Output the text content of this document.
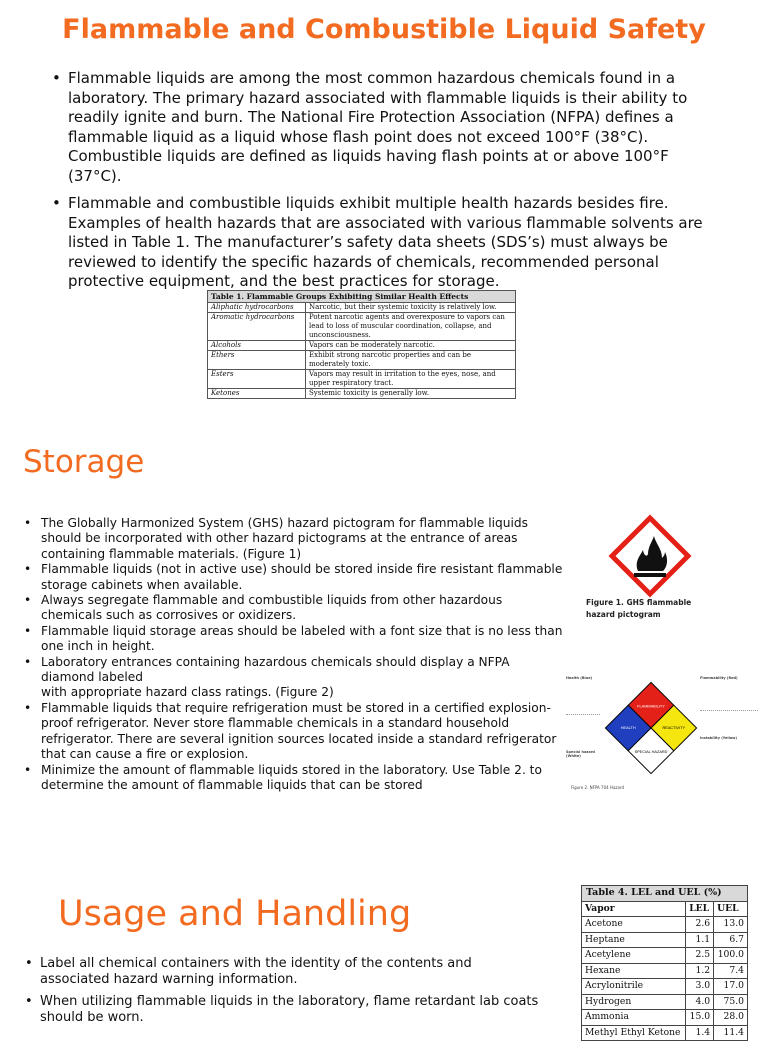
Flammable and Combustible Liquid Safety
• Flammable liquids are among the most common hazardous chemicals found in a laboratory. The primary hazard associated with flammable liquids is their ability to readily ignite and burn. The National Fire Protection Association (NFPA) defines a flammable liquid as a liquid whose flash point does not exceed 100°F (38°C). Combustible liquids are defined as liquids having flash points at or above 100°F (37°C).
• Flammable and combustible liquids exhibit multiple health hazards besides fire. Examples of health hazards that are associated with various flammable solvents are listed in Table 1. The manufacturer’s safety data sheets (SDS’s) must always be reviewed to identify the specific hazards of chemicals, recommended personal protective equipment, and the best practices for storage.
Table 1. Flammable Groups Exhibiting Similar Health Effects
Aliphatic hydrocarbons	Narcotic, but their systemic toxicity is relatively low.
Aromatic hydrocarbons	Potent narcotic agents and overexposure to vapors can lead to loss of muscular coordination, collapse, and unconsciousness.
Alcohols	Vapors can be moderately narcotic.
Ethers	Exhibit strong narcotic properties and can be moderately toxic.
Esters	Vapors may result in irritation to the eyes, nose, and upper respiratory tract.
Ketones	Systemic toxicity is generally low.
Storage
• The Globally Harmonized System (GHS) hazard pictogram for flammable liquids should be incorporated with other hazard pictograms at the entrance of areas containing flammable materials. (Figure 1)
• Flammable liquids (not in active use) should be stored inside fire resistant flammable storage cabinets when available.
• Always segregate flammable and combustible liquids from other hazardous chemicals such as corrosives or oxidizers.
• Flammable liquid storage areas should be labeled with a font size that is no less than one inch in height.
• Laboratory entrances containing hazardous chemicals should display a NFPA diamond labeled
with appropriate hazard class ratings. (Figure 2)
• Flammable liquids that require refrigeration must be stored in a certified explosion-proof refrigerator. Never store flammable chemicals in a standard household refrigerator. There are several ignition sources located inside a standard refrigerator that can cause a fire or explosion.
• Minimize the amount of flammable liquids stored in the laboratory. Use Table 2. to determine the amount of flammable liquids that can be stored
Figure 1. GHS flammable hazard pictogram
Health (Blue)
Special hazard (White)
FLAMMABILITY
HEALTH	REACTIVITY
SPECIAL HAZARD
Flammability (Red)
Instability (Yellow)
Figure 2. NFPA 704 Hazard
Usage and Handling
• Label all chemical containers with the identity of the contents and associated hazard warning information.
• When utilizing flammable liquids in the laboratory, flame retardant lab coats should be worn.
Table 4. LEL and UEL (%)
Vapor	LEL	UEL
Acetone	2.6	13.0
Heptane	1.1	6.7
Acetylene	2.5	100.0
Hexane	1.2	7.4
Acrylonitrile	3.0	17.0
Hydrogen	4.0	75.0
Ammonia	15.0	28.0
Methyl Ethyl Ketone	1.4	11.4
